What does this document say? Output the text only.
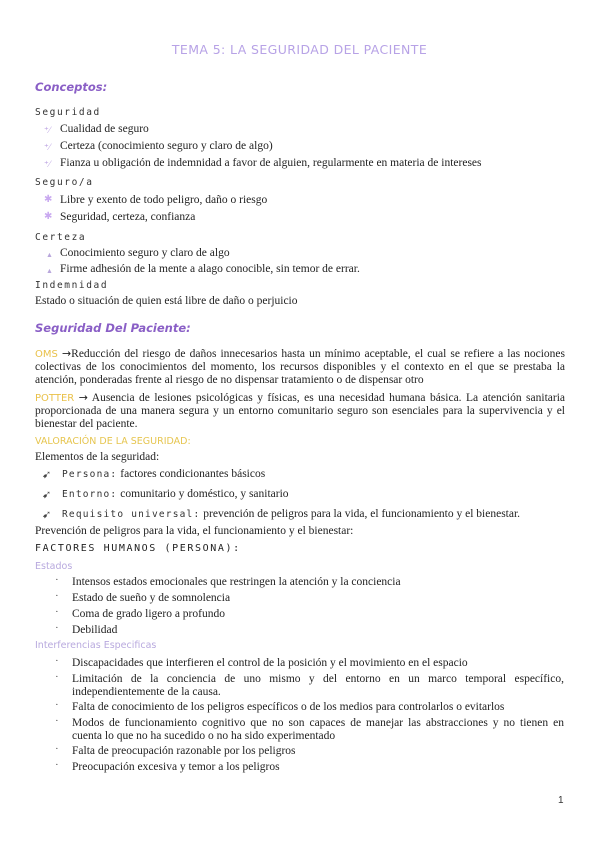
TEMA 5: LA SEGURIDAD DEL PACIENTE
Conceptos:
Seguridad
⁺⁄ Cualidad de seguro
⁺⁄ Certeza (conocimiento seguro y claro de algo)
⁺⁄ Fianza u obligación de indemnidad a favor de alguien, regularmente en materia de intereses
Seguro/a
✱ Libre y exento de todo peligro, daño o riesgo
✱ Seguridad, certeza, confianza
Certeza
▲ Conocimiento seguro y claro de algo
▲ Firme adhesión de la mente a alago conocible, sin temor de errar.
Indemnidad
Estado o situación de quien está libre de daño o perjuicio
Seguridad Del Paciente:
OMS →Reducción del riesgo de daños innecesarios hasta un mínimo aceptable, el cual se refiere a las nociones colectivas de los conocimientos del momento, los recursos disponibles y el contexto en el que se prestaba la atención, ponderadas frente al riesgo de no dispensar tratamiento o de dispensar otro
POTTER → Ausencia de lesiones psicológicas y físicas, es una necesidad humana básica. La atención sanitaria proporcionada de una manera segura y un entorno comunitario seguro son esenciales para la supervivencia y el bienestar del paciente.
VALORACIÓN DE LA SEGURIDAD:
Elementos de la seguridad:
➹ Persona: factores condicionantes básicos
➹ Entorno: comunitario y doméstico, y sanitario
➹ Requisito universal: prevención de peligros para la vida, el funcionamiento y el bienestar.
Prevención de peligros para la vida, el funcionamiento y el bienestar:
FACTORES HUMANOS (PERSONA):
Estados
· Intensos estados emocionales que restringen la atención y la conciencia
· Estado de sueño y de somnolencia
· Coma de grado ligero a profundo
· Debilidad
Interferencias Especificas
· Discapacidades que interfieren el control de la posición y el movimiento en el espacio
· Limitación de la conciencia de uno mismo y del entorno en un marco temporal específico, independientemente de la causa.
· Falta de conocimiento de los peligros específicos o de los medios para controlarlos o evitarlos
· Modos de funcionamiento cognitivo que no son capaces de manejar las abstracciones y no tienen en cuenta lo que no ha sucedido o no ha sido experimentado
· Falta de preocupación razonable por los peligros
· Preocupación excesiva y temor a los peligros
1
